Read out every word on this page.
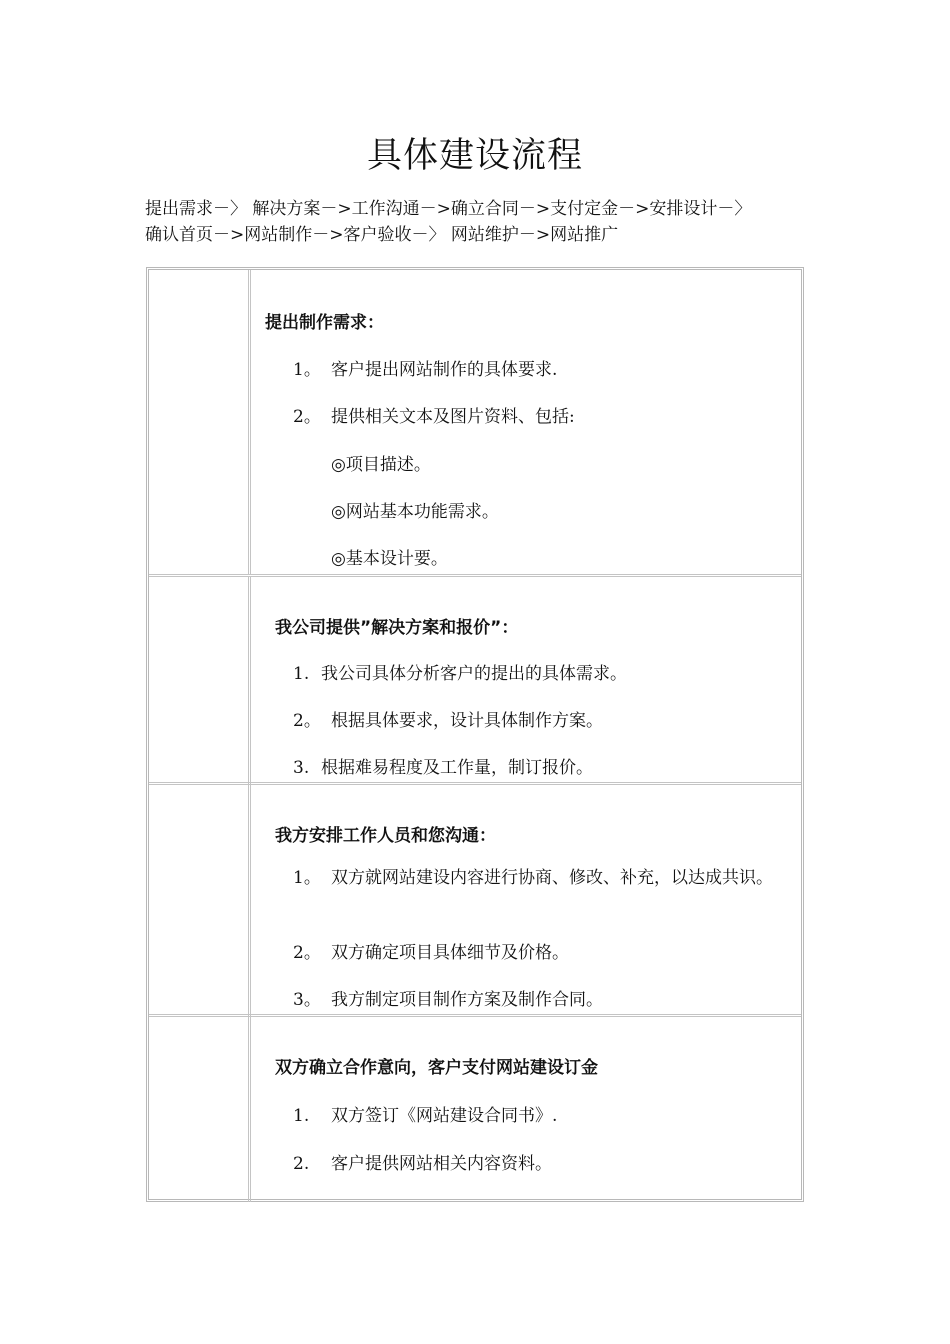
具体建设流程
提出需求－〉 解决方案－>工作沟通－>确立合同－>支付定金－>安排设计－〉
确认首页－>网站制作－>客户验收－〉 网站维护－>网站推广
提出制作需求：
1。 客户提出网站制作的具体要求.
2。 提供相关文本及图片资料、包括:
◎项目描述。
◎网站基本功能需求。
◎基本设计要。
我公司提供”解决方案和报价”：
1. 我公司具体分析客户的提出的具体需求。
2。 根据具体要求，设计具体制作方案。
3. 根据难易程度及工作量，制订报价。
我方安排工作人员和您沟通：
1。 双方就网站建设内容进行协商、修改、补充，以达成共识。
2。 双方确定项目具体细节及价格。
3。 我方制定项目制作方案及制作合同。
双方确立合作意向，客户支付网站建设订金
1. 双方签订《网站建设合同书》.
2. 客户提供网站相关内容资料。
